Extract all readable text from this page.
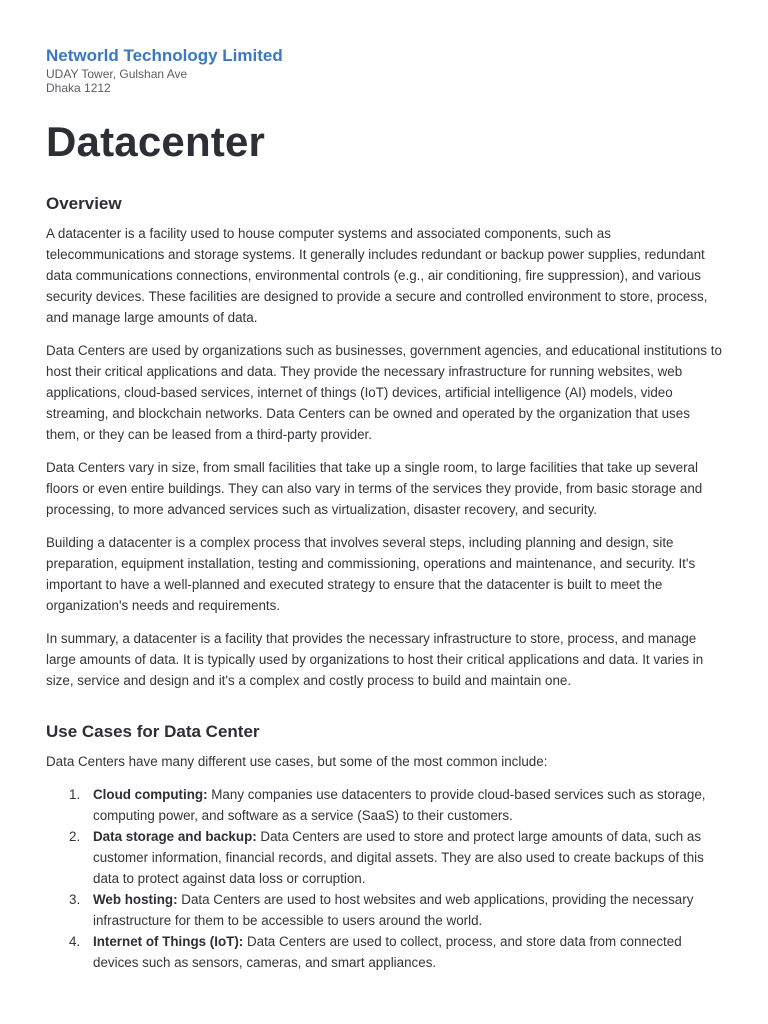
Networld Technology Limited

UDAY Tower, Gulshan Ave

Dhaka 1212

Datacenter
Overview

A datacenter is a facility used to house computer systems and associated components, such as telecommunications and storage systems. It generally includes redundant or backup power supplies, redundant data communications connections, environmental controls (e.g., air conditioning, fire suppression), and various security devices. These facilities are designed to provide a secure and controlled environment to store, process, and manage large amounts of data.

Data Centers are used by organizations such as businesses, government agencies, and educational institutions to host their critical applications and data. They provide the necessary infrastructure for running websites, web applications, cloud-based services, internet of things (IoT) devices, artificial intelligence (AI) models, video streaming, and blockchain networks. Data Centers can be owned and operated by the organization that uses them, or they can be leased from a third-party provider.

Data Centers vary in size, from small facilities that take up a single room, to large facilities that take up several floors or even entire buildings. They can also vary in terms of the services they provide, from basic storage and processing, to more advanced services such as virtualization, disaster recovery, and security.

Building a datacenter is a complex process that involves several steps, including planning and design, site preparation, equipment installation, testing and commissioning, operations and maintenance, and security. It's important to have a well-planned and executed strategy to ensure that the datacenter is built to meet the organization's needs and requirements.

In summary, a datacenter is a facility that provides the necessary infrastructure to store, process, and manage large amounts of data. It is typically used by organizations to host their critical applications and data. It varies in size, service and design and it's a complex and costly process to build and maintain one.

Use Cases for Data Center

Data Centers have many different use cases, but some of the most common include:

1. Cloud computing: Many companies use datacenters to provide cloud-based services such as storage, computing power, and software as a service (SaaS) to their customers.
2. Data storage and backup: Data Centers are used to store and protect large amounts of data, such as customer information, financial records, and digital assets. They are also used to create backups of this data to protect against data loss or corruption.
3. Web hosting: Data Centers are used to host websites and web applications, providing the necessary infrastructure for them to be accessible to users around the world.
4. Internet of Things (IoT): Data Centers are used to collect, process, and store data from connected devices such as sensors, cameras, and smart appliances.
